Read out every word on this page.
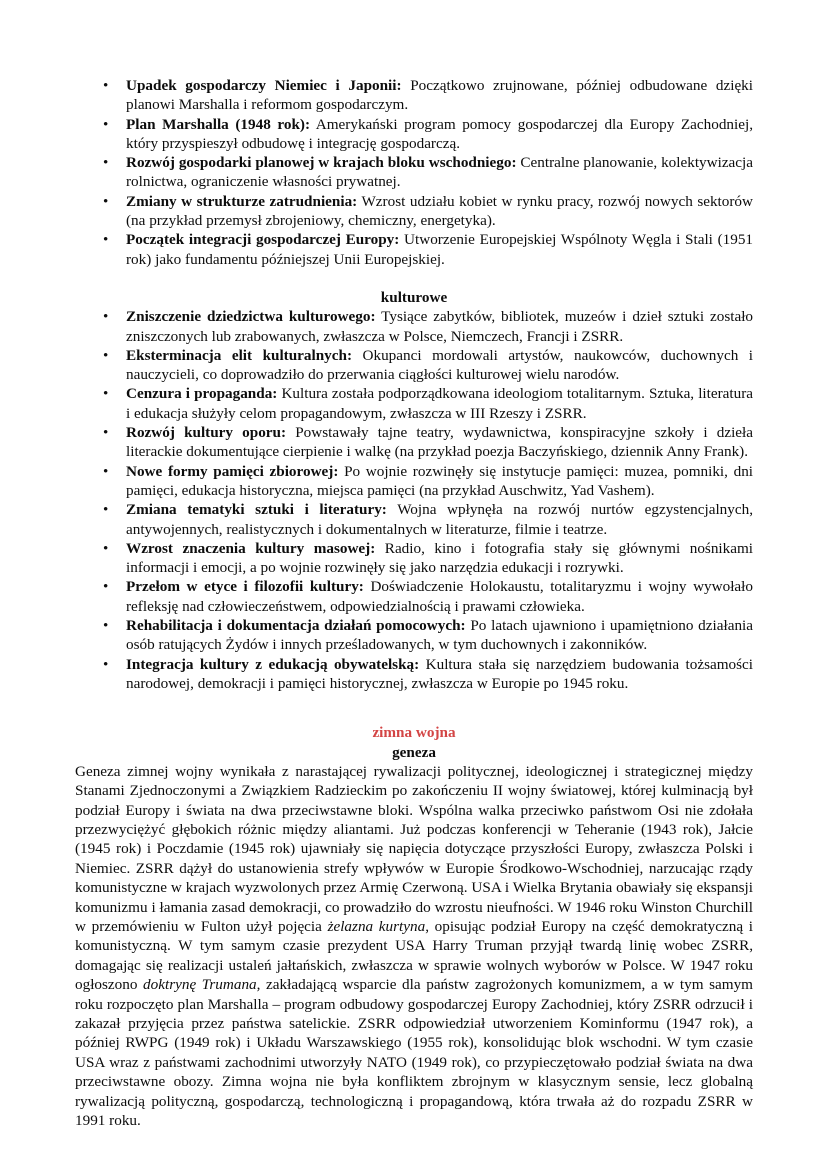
•	Upadek gospodarczy Niemiec i Japonii: Początkowo zrujnowane, później odbudowane dzięki planowi Marshalla i reformom gospodarczym.
•	Plan Marshalla (1948 rok): Amerykański program pomocy gospodarczej dla Europy Zachodniej, który przyspieszył odbudowę i integrację gospodarczą.
•	Rozwój gospodarki planowej w krajach bloku wschodniego: Centralne planowanie, kolektywizacja rolnictwa, ograniczenie własności prywatnej.
•	Zmiany w strukturze zatrudnienia: Wzrost udziału kobiet w rynku pracy, rozwój nowych sektorów (na przykład przemysł zbrojeniowy, chemiczny, energetyka).
•	Początek integracji gospodarczej Europy: Utworzenie Europejskiej Wspólnoty Węgla i Stali (1951 rok) jako fundamentu późniejszej Unii Europejskiej.
kulturowe
•	Zniszczenie dziedzictwa kulturowego: Tysiące zabytków, bibliotek, muzeów i dzieł sztuki zostało zniszczonych lub zrabowanych, zwłaszcza w Polsce, Niemczech, Francji i ZSRR.
•	Eksterminacja elit kulturalnych: Okupanci mordowali artystów, naukowców, duchownych i nauczycieli, co doprowadziło do przerwania ciągłości kulturowej wielu narodów.
•	Cenzura i propaganda: Kultura została podporządkowana ideologiom totalitarnym. Sztuka, literatura i edukacja służyły celom propagandowym, zwłaszcza w III Rzeszy i ZSRR.
•	Rozwój kultury oporu: Powstawały tajne teatry, wydawnictwa, konspiracyjne szkoły i dzieła literackie dokumentujące cierpienie i walkę (na przykład poezja Baczyńskiego, dziennik Anny Frank).
•	Nowe formy pamięci zbiorowej: Po wojnie rozwinęły się instytucje pamięci: muzea, pomniki, dni pamięci, edukacja historyczna, miejsca pamięci (na przykład Auschwitz, Yad Vashem).
•	Zmiana tematyki sztuki i literatury: Wojna wpłynęła na rozwój nurtów egzystencjalnych, antywojennych, realistycznych i dokumentalnych w literaturze, filmie i teatrze.
•	Wzrost znaczenia kultury masowej: Radio, kino i fotografia stały się głównymi nośnikami informacji i emocji, a po wojnie rozwinęły się jako narzędzia edukacji i rozrywki.
•	Przełom w etyce i filozofii kultury: Doświadczenie Holokaustu, totalitaryzmu i wojny wywołało refleksję nad człowieczeństwem, odpowiedzialnością i prawami człowieka.
•	Rehabilitacja i dokumentacja działań pomocowych: Po latach ujawniono i upamiętniono działania osób ratujących Żydów i innych prześladowanych, w tym duchownych i zakonników.
•	Integracja kultury z edukacją obywatelską: Kultura stała się narzędziem budowania tożsamości narodowej, demokracji i pamięci historycznej, zwłaszcza w Europie po 1945 roku.
zimna wojna
geneza

Geneza zimnej wojny wynikała z narastającej rywalizacji politycznej, ideologicznej i strategicznej między Stanami Zjednoczonymi a Związkiem Radzieckim po zakończeniu II wojny światowej, której kulminacją był podział Europy i świata na dwa przeciwstawne bloki. Wspólna walka przeciwko państwom Osi nie zdołała przezwyciężyć głębokich różnic między aliantami. Już podczas konferencji w Teheranie (1943 rok), Jałcie (1945 rok) i Poczdamie (1945 rok) ujawniały się napięcia dotyczące przyszłości Europy, zwłaszcza Polski i Niemiec. ZSRR dążył do ustanowienia strefy wpływów w Europie Środkowo-Wschodniej, narzucając rządy komunistyczne w krajach wyzwolonych przez Armię Czerwoną. USA i Wielka Brytania obawiały się ekspansji komunizmu i łamania zasad demokracji, co prowadziło do wzrostu nieufności. W 1946 roku Winston Churchill w przemówieniu w Fulton użył pojęcia żelazna kurtyna, opisując podział Europy na część demokratyczną i komunistyczną. W tym samym czasie prezydent USA Harry Truman przyjął twardą linię wobec ZSRR, domagając się realizacji ustaleń jałtańskich, zwłaszcza w sprawie wolnych wyborów w Polsce. W 1947 roku ogłoszono doktrynę Trumana, zakładającą wsparcie dla państw zagrożonych komunizmem, a w tym samym roku rozpoczęto plan Marshalla – program odbudowy gospodarczej Europy Zachodniej, który ZSRR odrzucił i zakazał przyjęcia przez państwa satelickie. ZSRR odpowiedział utworzeniem Kominformu (1947 rok), a później RWPG (1949 rok) i Układu Warszawskiego (1955 rok), konsolidując blok wschodni. W tym czasie USA wraz z państwami zachodnimi utworzyły NATO (1949 rok), co przypieczętowało podział świata na dwa przeciwstawne obozy. Zimna wojna nie była konfliktem zbrojnym w klasycznym sensie, lecz globalną rywalizacją polityczną, gospodarczą, technologiczną i propagandową, która trwała aż do rozpadu ZSRR w 1991 roku.
